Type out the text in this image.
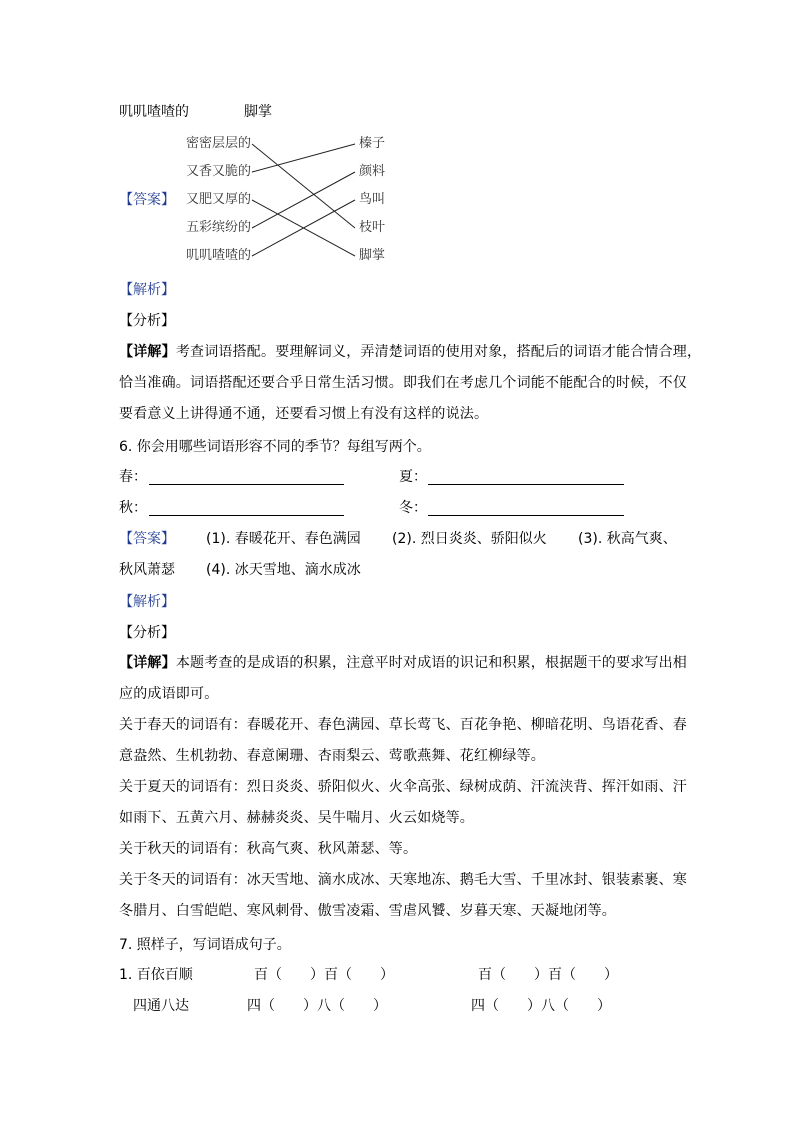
叽叽喳喳的	脚掌
【答案】
密密层层的
又香又脆的
又肥又厚的
五彩缤纷的
叽叽喳喳的
榛子
颜料
鸟叫
枝叶
脚掌
【解析】
【分析】
【详解】考查词语搭配。要理解词义，弄清楚词语的使用对象，搭配后的词语才能合情合理，
恰当准确。词语搭配还要合乎日常生活习惯。即我们在考虑几个词能不能配合的时候，不仅
要看意义上讲得通不通，还要看习惯上有没有这样的说法。
6. 你会用哪些词语形容不同的季节？每组写两个。
春：	夏：
秋：	冬：
【答案】 (1). 春暖花开、春色满园 (2). 烈日炎炎、骄阳似火 (3). 秋高气爽、
秋风萧瑟 (4). 冰天雪地、滴水成冰
【解析】
【分析】
【详解】本题考查的是成语的积累，注意平时对成语的识记和积累，根据题干的要求写出相
应的成语即可。
关于春天的词语有：春暖花开、春色满园、草长莺飞、百花争艳、柳暗花明、鸟语花香、春
意盎然、生机勃勃、春意阑珊、杏雨梨云、莺歌燕舞、花红柳绿等。
关于夏天的词语有：烈日炎炎、骄阳似火、火伞高张、绿树成荫、汗流浃背、挥汗如雨、汗
如雨下、五黄六月、赫赫炎炎、吴牛喘月、火云如烧等。
关于秋天的词语有：秋高气爽、秋风萧瑟、等。
关于冬天的词语有：冰天雪地、滴水成冰、天寒地冻、鹅毛大雪、千里冰封、银装素裹、寒
冬腊月、白雪皑皑、寒风刺骨、傲雪凌霜、雪虐风饕、岁暮天寒、天凝地闭等。
7. 照样子，写词语成句子。
1. 百依百顺	百（　　）百（　　）	百（　　）百（　　）
四通八达	四（　　）八（　　）	四（　　）八（　　）
